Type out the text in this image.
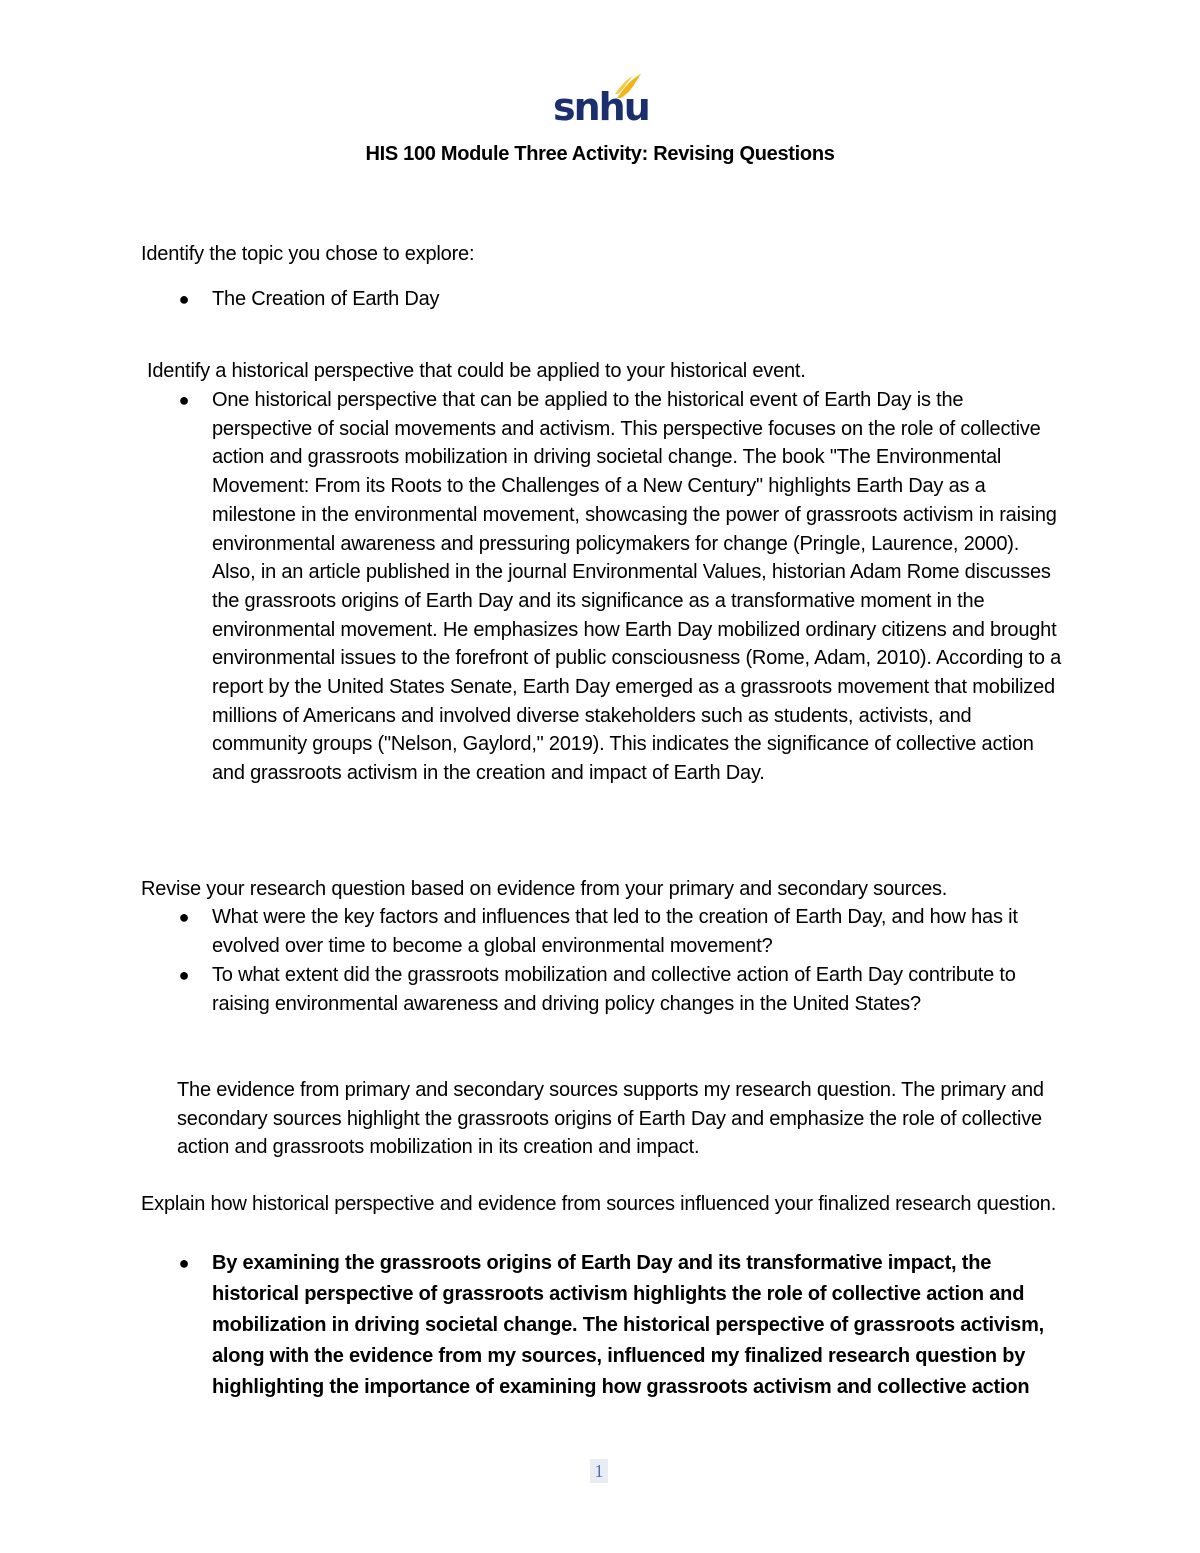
snhu
HIS 100 Module Three Activity: Revising Questions
Identify the topic you chose to explore:
● The Creation of Earth Day
Identify a historical perspective that could be applied to your historical event.
● One historical perspective that can be applied to the historical event of Earth Day is the perspective of social movements and activism. This perspective focuses on the role of collective action and grassroots mobilization in driving societal change. The book "The Environmental Movement: From its Roots to the Challenges of a New Century" highlights Earth Day as a milestone in the environmental movement, showcasing the power of grassroots activism in raising environmental awareness and pressuring policymakers for change (Pringle, Laurence, 2000). Also, in an article published in the journal Environmental Values, historian Adam Rome discusses the grassroots origins of Earth Day and its significance as a transformative moment in the environmental movement. He emphasizes how Earth Day mobilized ordinary citizens and brought environmental issues to the forefront of public consciousness (Rome, Adam, 2010). According to a report by the United States Senate, Earth Day emerged as a grassroots movement that mobilized millions of Americans and involved diverse stakeholders such as students, activists, and community groups ("Nelson, Gaylord," 2019). This indicates the significance of collective action and grassroots activism in the creation and impact of Earth Day.
Revise your research question based on evidence from your primary and secondary sources.
● What were the key factors and influences that led to the creation of Earth Day, and how has it evolved over time to become a global environmental movement?
● To what extent did the grassroots mobilization and collective action of Earth Day contribute to raising environmental awareness and driving policy changes in the United States?
The evidence from primary and secondary sources supports my research question. The primary and secondary sources highlight the grassroots origins of Earth Day and emphasize the role of collective action and grassroots mobilization in its creation and impact.
Explain how historical perspective and evidence from sources influenced your finalized research question.
● By examining the grassroots origins of Earth Day and its transformative impact, the historical perspective of grassroots activism highlights the role of collective action and mobilization in driving societal change. The historical perspective of grassroots activism, along with the evidence from my sources, influenced my finalized research question by highlighting the importance of examining how grassroots activism and collective action
1
